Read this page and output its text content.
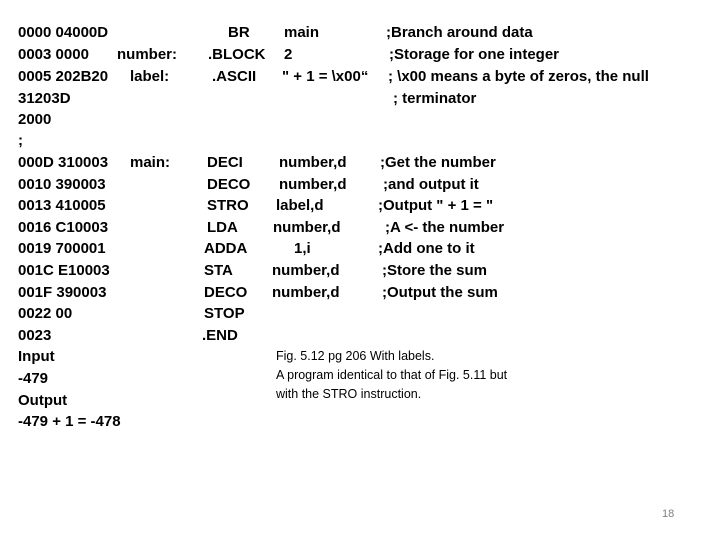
0000 04000D
0003 0000
0005 202B20
31203D
2000
;
000D 310003
0010 390003
0013 410005
0016 C10003
0019 700001
001C E10003
001F 390003
0022 00
0023
Input
-479
Output
-479 + 1 = -478
number:
label:
main:
BR
.BLOCK
.ASCII
DECI
DECO
STRO
LDA
ADDA
STA
DECO
STOP
.END
main
2
" + 1 = \x00“
number,d
number,d
label,d
number,d
1,i
number,d
number,d
;Branch around data
;Storage for one integer
; \x00 means a byte of zeros, the null
; terminator
;Get the number
;and output it
;Output " + 1 = "
;A <- the number
;Add one to it
;Store the sum
;Output the sum
Fig. 5.12 pg 206 With labels.
A program identical to that of Fig. 5.11 but
with the STRO instruction.
18
